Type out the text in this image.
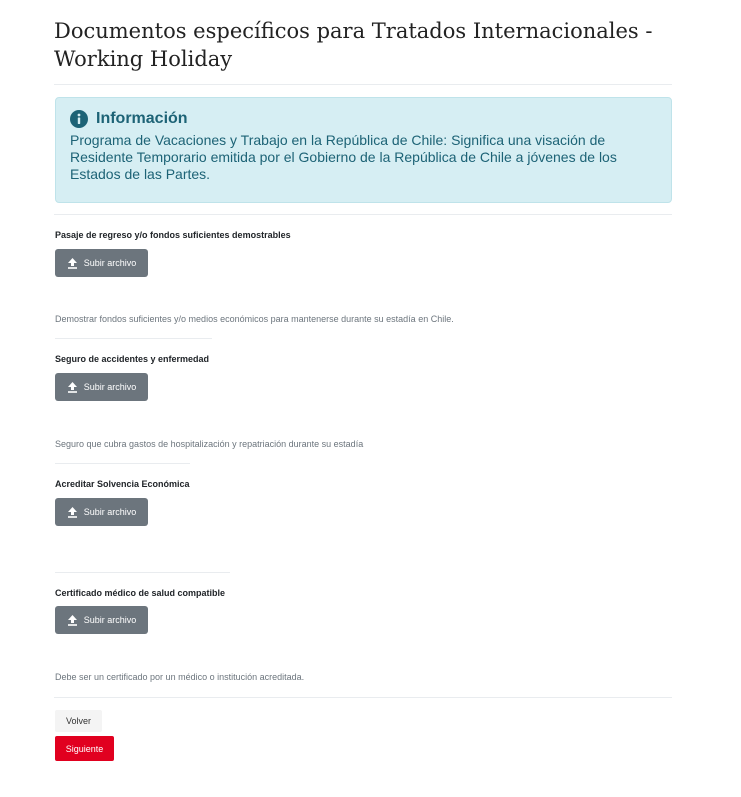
Documentos específicos para Tratados Internacionales - Working Holiday
Información
Programa de Vacaciones y Trabajo en la República de Chile: Significa una visación de Residente Temporario emitida por el Gobierno de la República de Chile a jóvenes de los Estados de las Partes.

Pasaje de regreso y/o fondos suficientes demostrables

Subir archivo

Demostrar fondos suficientes y/o medios económicos para mantenerse durante su estadía en Chile.

Seguro de accidentes y enfermedad

Subir archivo

Seguro que cubra gastos de hospitalización y repatriación durante su estadía

Acreditar Solvencia Económica

Subir archivo

Certificado médico de salud compatible

Subir archivo

Debe ser un certificado por un médico o institución acreditada.

Volver
Siguiente
